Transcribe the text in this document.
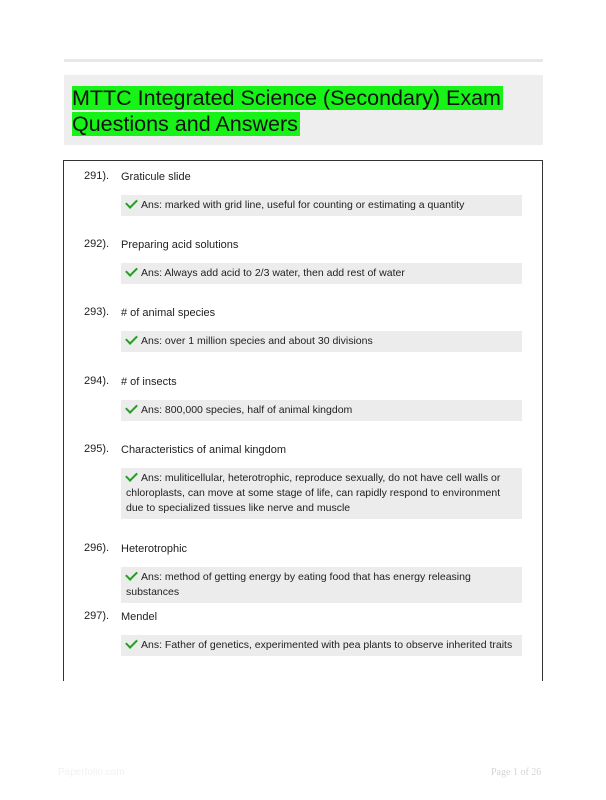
MTTC Integrated Science (Secondary) Exam Questions and Answers
291). Graticule slide
Ans: marked with grid line, useful for counting or estimating a quantity
292). Preparing acid solutions
Ans: Always add acid to 2/3 water, then add rest of water
293). # of animal species
Ans: over 1 million species and about 30 divisions
294). # of insects
Ans: 800,000 species, half of animal kingdom
295). Characteristics of animal kingdom
Ans: muliticellular, heterotrophic, reproduce sexually, do not have cell walls or chloroplasts, can move at some stage of life, can rapidly respond to environment due to specialized tissues like nerve and muscle
296). Heterotrophic
Ans: method of getting energy by eating food that has energy releasing substances
297). Mendel
Ans: Father of genetics, experimented with pea plants to observe inherited traits
Paperfolio.com	Page 1 of 26
